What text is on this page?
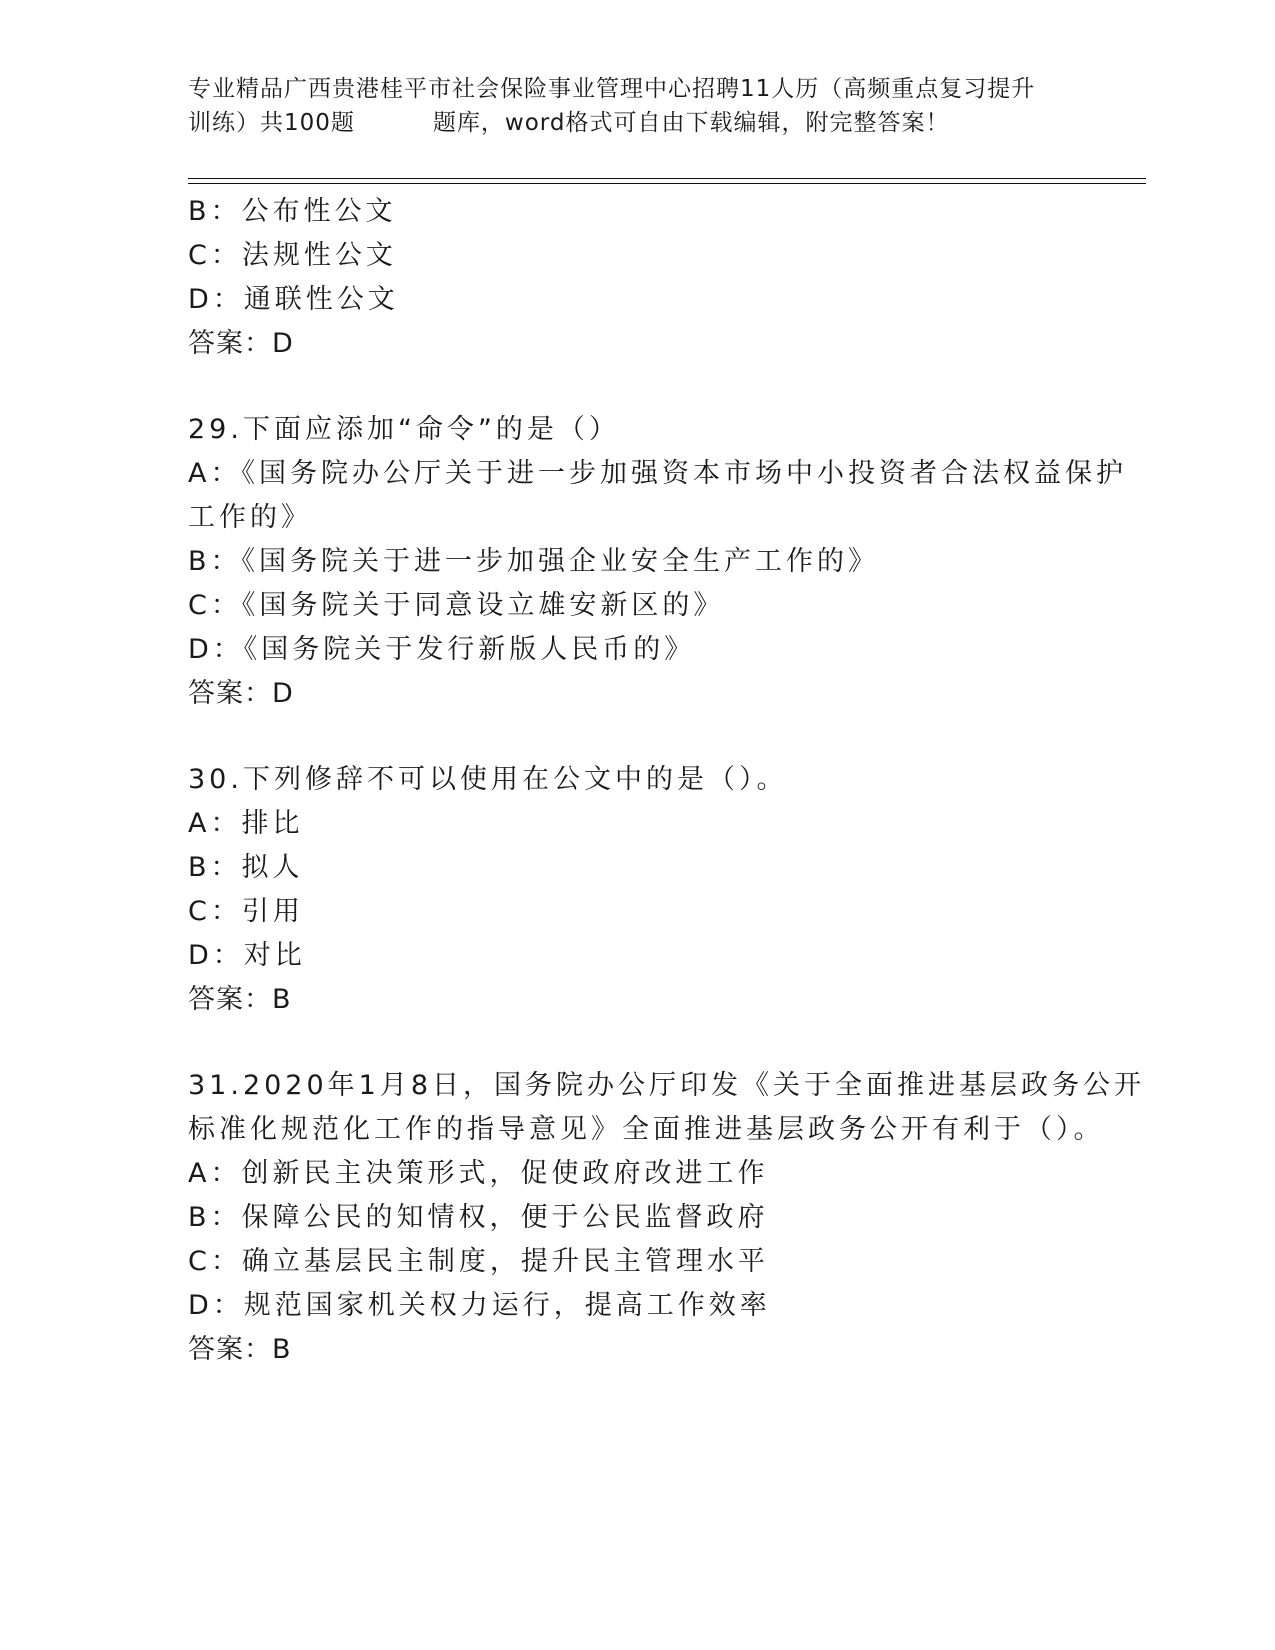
专业精品广西贵港桂平市社会保险事业管理中心招聘11人历（高频重点复习提升
训练）共100题	题库，word格式可自由下载编辑，附完整答案！
B：公布性公文
C：法规性公文
D：通联性公文
答案：D
29.下面应添加“命令”的是（）
A：《国务院办公厅关于进一步加强资本市场中小投资者合法权益保护
工作的》
B：《国务院关于进一步加强企业安全生产工作的》
C：《国务院关于同意设立雄安新区的》
D：《国务院关于发行新版人民币的》
答案：D
30.下列修辞不可以使用在公文中的是（）。
A：排比
B：拟人
C：引用
D：对比
答案：B
31.2020年1月8日，国务院办公厅印发《关于全面推进基层政务公开
标准化规范化工作的指导意见》全面推进基层政务公开有利于（）。
A：创新民主决策形式，促使政府改进工作
B：保障公民的知情权，便于公民监督政府
C：确立基层民主制度，提升民主管理水平
D：规范国家机关权力运行，提高工作效率
答案：B
